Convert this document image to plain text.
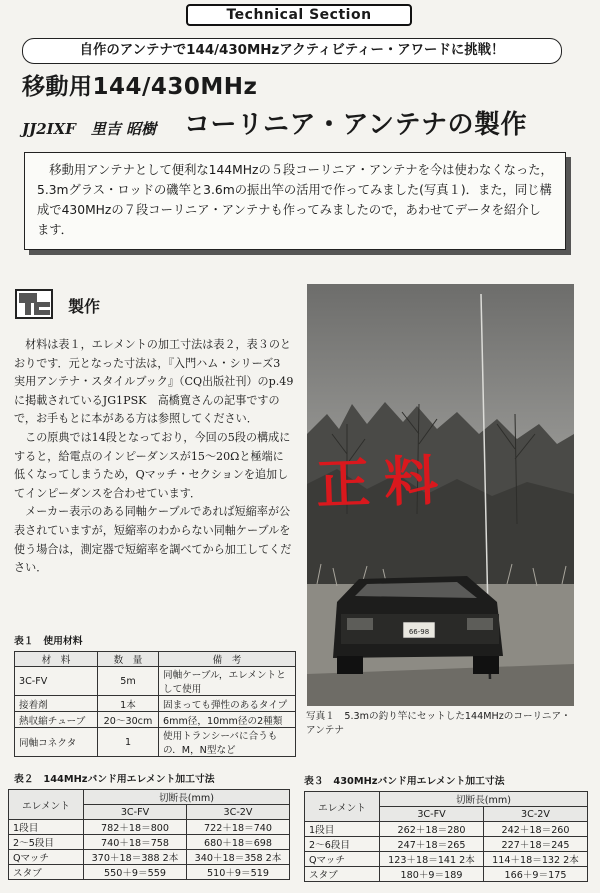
Technical Section
自作のアンテナで144/430MHzアクティビティー・アワードに挑戦！
移動用144/430MHz
JJ2IXF　里吉 昭樹 コーリニア・アンテナの製作

移動用アンテナとして便利な144MHzの５段コーリニア・アンテナを今は使わなくなった，5.3mグラス・ロッドの磯竿と3.6mの振出竿の活用で作ってみました(写真１)．また，同じ構成で430MHzの７段コーリニア・アンテナも作ってみましたので，あわせてデータを紹介します．

製作

材料は表１，エレメントの加工寸法は表２，表３のとおりです．元となった寸法は，『入門ハム・シリーズ3　実用アンテナ・スタイルブック』（CQ出版社刊）のp.49に掲載されているJG1PSK　高橋寛さんの記事ですので，お手もとに本がある方は参照してください．

この原典では14段となっており，今回の5段の構成にすると，給電点のインピーダンスが15～20Ωと極端に低くなってしまうため，Qマッチ・セクションを追加してインピーダンスを合わせています．

メーカー表示のある同軸ケーブルであれば短縮率が公表されていますが，短縮率のわからない同軸ケーブルを使う場合は，測定器で短縮率を調べてから加工してください．

66-98
正料
写真１　5.3mの釣り竿にセットした144MHzのコーリニア・アンテナ
表１　使用材料
材　料	数　量	備　考
3C-FV	5m	同軸ケーブル，エレメントとして使用
接着剤	1本	固まっても弾性のあるタイプ
熱収縮チューブ	20～30cm	6mm径，10mm径の2種類
同軸コネクタ	1	使用トランシーバに合うもの．M，N型など
表２　144MHzバンド用エレメント加工寸法
エレメント	切断長(mm)	
	3C-FV	3C-2V
1段目	782＋18＝800	722＋18＝740
2～5段目	740＋18＝758	680＋18＝698
Qマッチ	370＋18＝388 2本	340＋18＝358 2本
スタブ	550＋9＝559	510＋9＝519
表３　430MHzバンド用エレメント加工寸法
エレメント	切断長(mm)	
	3C-FV	3C-2V
1段目	262＋18＝280	242＋18＝260
2～6段目	247＋18＝265	227＋18＝245
Qマッチ	123＋18＝141 2本	114＋18＝132 2本
スタブ	180＋9＝189	166＋9＝175
